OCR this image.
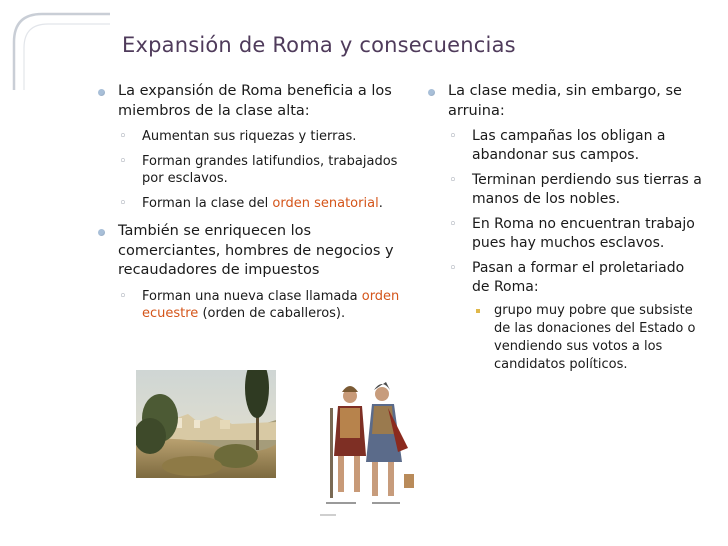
Expansión de Roma y consecuencias
La expansión de Roma beneficia a los miembros de la clase alta:
◦ Aumentan sus riquezas y tierras.
◦ Forman grandes latifundios, trabajados por esclavos.
◦ Forman la clase del orden senatorial.
También se enriquecen los comerciantes, hombres de negocios y recaudadores de impuestos
◦ Forman una nueva clase llamada orden ecuestre (orden de caballeros).
La clase media, sin embargo, se arruina:
◦ Las campañas los obligan a abandonar sus campos.
◦ Terminan perdiendo sus tierras a manos de los nobles.
◦ En Roma no encuentran trabajo pues hay muchos esclavos.
◦ Pasan a formar el proletariado de Roma:
grupo muy pobre que subsiste de las donaciones del Estado o vendiendo sus votos a los candidatos políticos.
